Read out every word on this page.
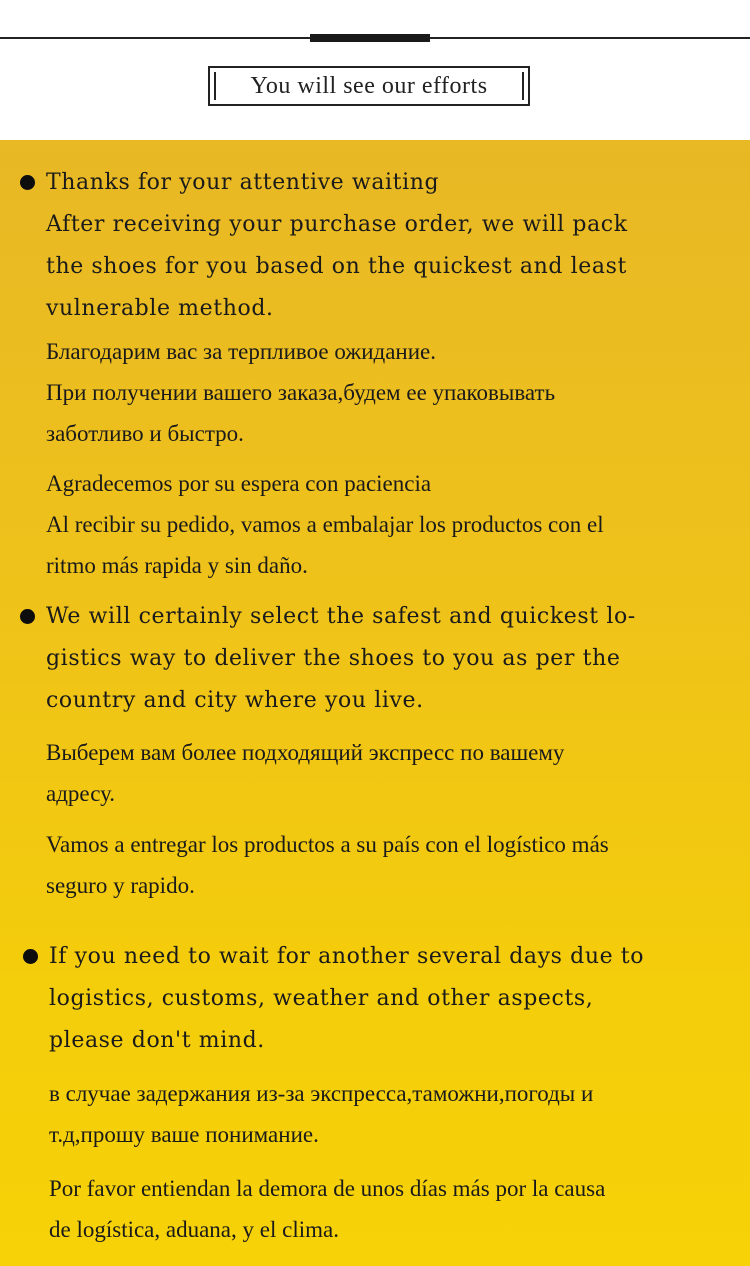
You will see our efforts
Thanks for your attentive waiting
After receiving your purchase order, we will pack
the shoes for you based on the quickest and least
vulnerable method.
Благодарим вас за терпливое ожидание.
При получении вашего заказа,будем ее упаковывать
заботливо и быстро.
Agradecemos por su espera con paciencia
Al recibir su pedido, vamos a embalajar los productos con el
ritmo más rapida y sin daño.
We will certainly select the safest and quickest lo-
gistics way to deliver the shoes to you as per the
country and city where you live.
Выберем вам более подходящий экспресс по вашему
адресу.
Vamos a entregar los productos a su país con el logístico más
seguro y rapido.
If you need to wait for another several days due to
logistics, customs, weather and other aspects,
please don't mind.
в случае задержания из-за экспресса,таможни,погоды и
т.д,прошу ваше понимание.
Por favor entiendan la demora de unos días más por la causa
de logística, aduana, y el clima.
